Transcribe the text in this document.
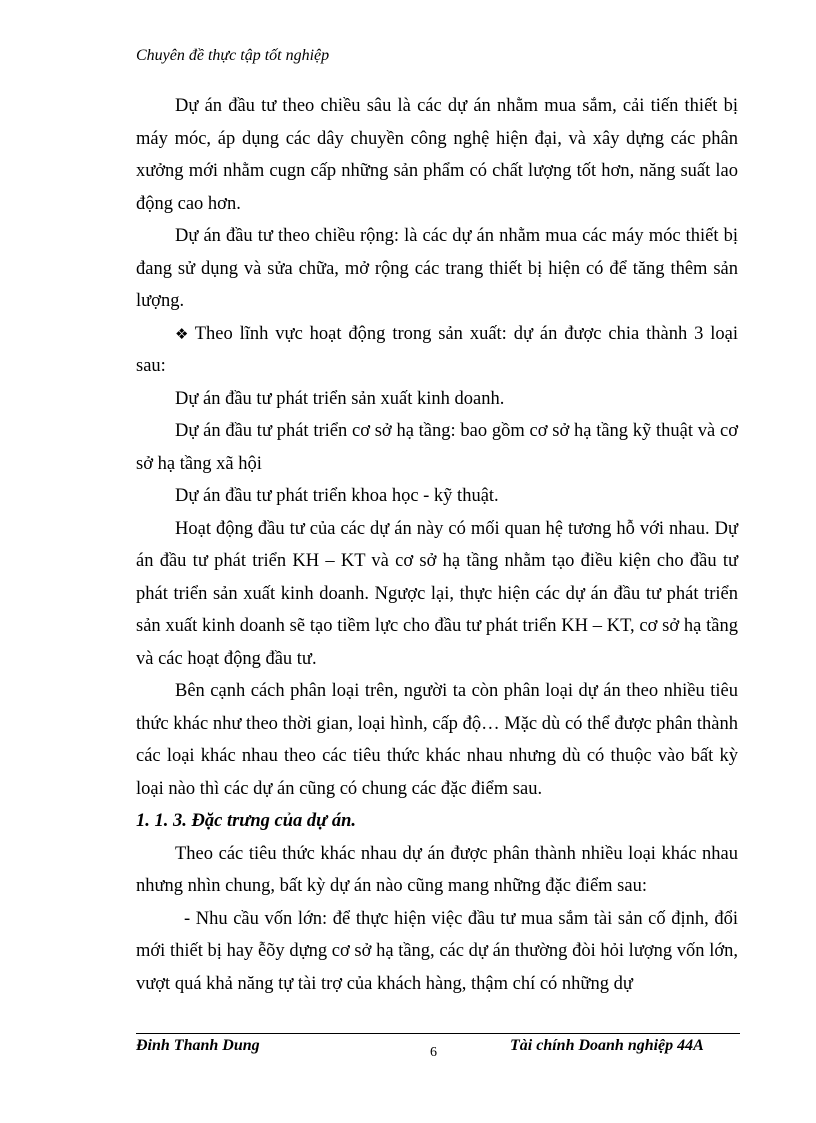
Chuyên đề thực tập tốt nghiệp

Dự án đầu tư theo chiều sâu là các dự án nhằm mua sắm, cải tiến thiết bị máy móc, áp dụng các dây chuyền công nghệ hiện đại, và xây dựng các phân xưởng mới nhằm cugn cấp những sản phẩm có chất lượng tốt hơn, năng suất lao động cao hơn.

Dự án đầu tư theo chiều rộng: là các dự án nhằm mua các máy móc thiết bị đang sử dụng và sửa chữa, mở rộng các trang thiết bị hiện có để tăng thêm sản lượng.

❖ Theo lĩnh vực hoạt động trong sản xuất: dự án được chia thành 3 loại sau:

Dự án đầu tư phát triển sản xuất kinh doanh.

Dự án đầu tư phát triển cơ sở hạ tầng: bao gồm cơ sở hạ tầng kỹ thuật và cơ sở hạ tầng xã hội

Dự án đầu tư phát triển khoa học - kỹ thuật.

Hoạt động đầu tư của các dự án này có mối quan hệ tương hỗ với nhau. Dự án đầu tư phát triển KH – KT và cơ sở hạ tầng nhằm tạo điều kiện cho đầu tư phát triển sản xuất kinh doanh. Ngược lại, thực hiện các dự án đầu tư phát triển sản xuất kinh doanh sẽ tạo tiềm lực cho đầu tư phát triển KH – KT, cơ sở hạ tầng và các hoạt động đầu tư.

Bên cạnh cách phân loại trên, người ta còn phân loại dự án theo nhiều tiêu thức khác như theo thời gian, loại hình, cấp độ… Mặc dù có thể được phân thành các loại khác nhau theo các tiêu thức khác nhau nhưng dù có thuộc vào bất kỳ loại nào thì các dự án cũng có chung các đặc điểm sau.

1. 1. 3. Đặc trưng của dự án.

Theo các tiêu thức khác nhau dự án được phân thành nhiều loại khác nhau nhưng nhìn chung, bất kỳ dự án nào cũng mang những đặc điểm sau:

- Nhu cầu vốn lớn: để thực hiện việc đầu tư mua sắm tài sản cố định, đổi mới thiết bị hay ễõy dựng cơ sở hạ tầng, các dự án thường đòi hỏi lượng vốn lớn, vượt quá khả năng tự tài trợ của khách hàng, thậm chí có những dự

Đinh Thanh Dung	6	Tài chính Doanh nghiệp 44A
